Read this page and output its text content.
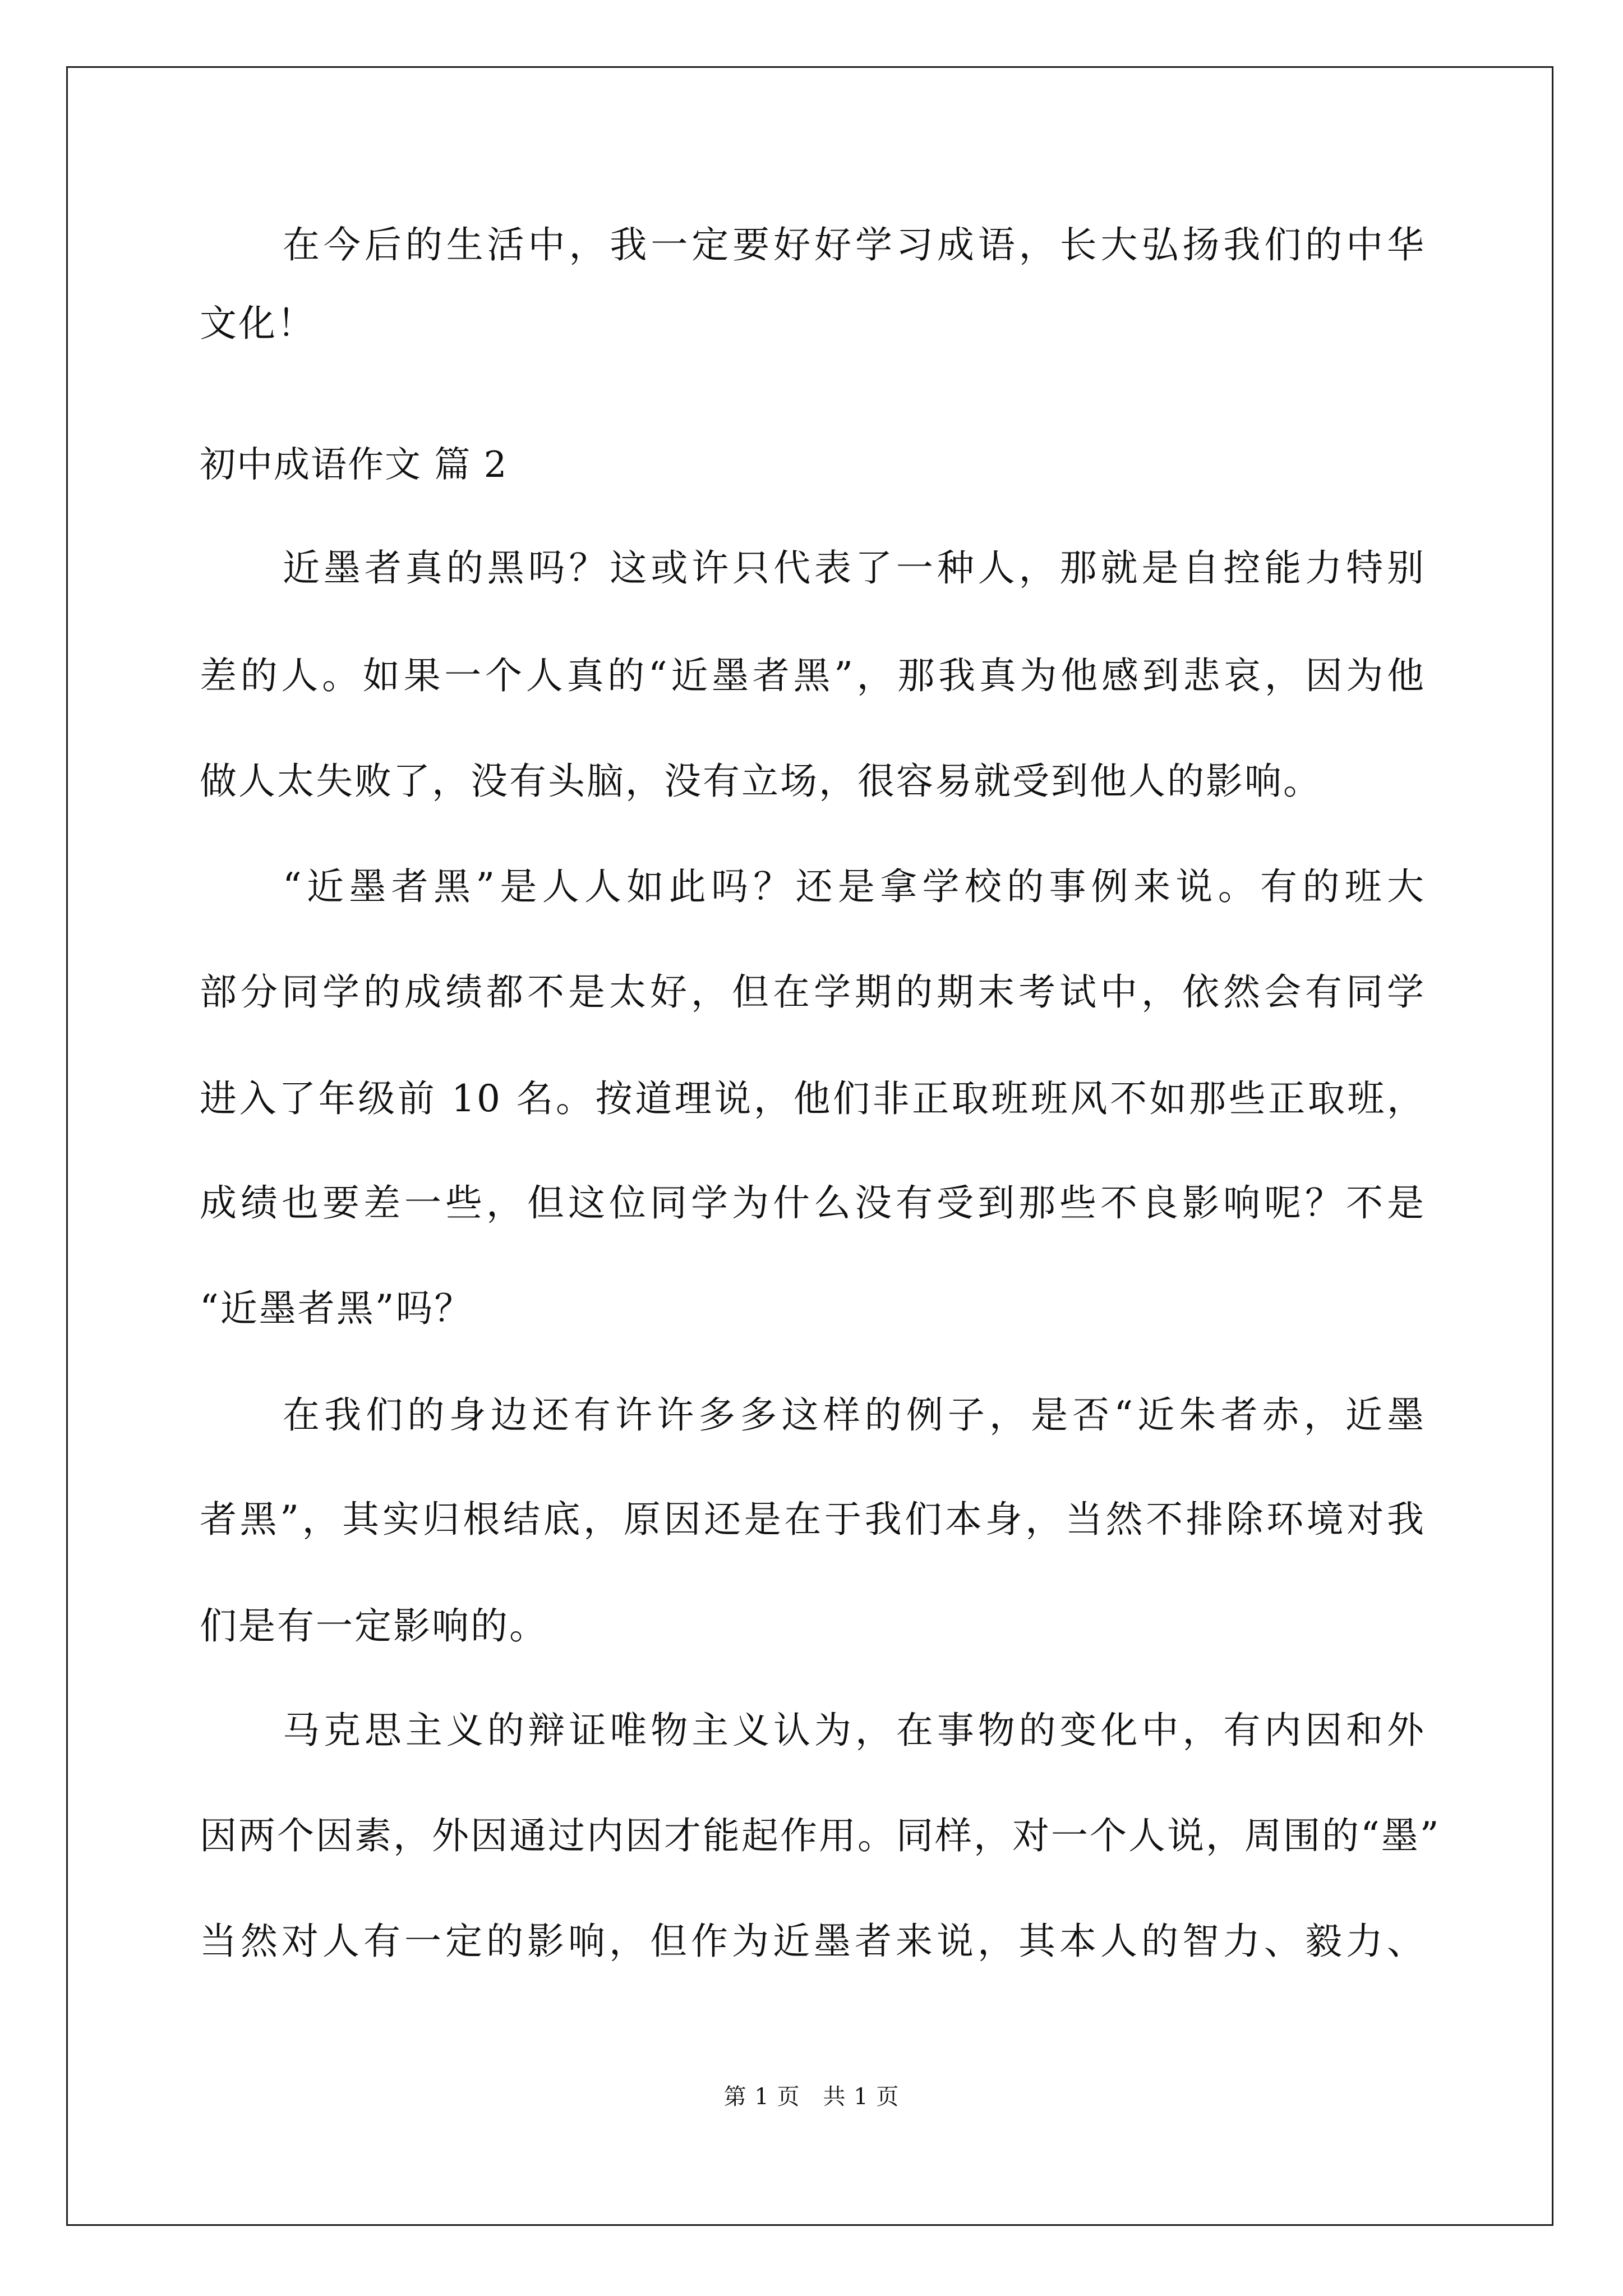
在今后的生活中，我一定要好好学习成语，长大弘扬我们的中华
文化！
初中成语作文 篇 2
近墨者真的黑吗？这或许只代表了一种人，那就是自控能力特别
差的人。如果一个人真的“近墨者黑”，那我真为他感到悲哀，因为他
做人太失败了，没有头脑，没有立场，很容易就受到他人的影响。
“近墨者黑”是人人如此吗？还是拿学校的事例来说。有的班大
部分同学的成绩都不是太好，但在学期的期末考试中，依然会有同学
进入了年级前 10 名。按道理说，他们非正取班班风不如那些正取班，
成绩也要差一些，但这位同学为什么没有受到那些不良影响呢？不是
“近墨者黑”吗？
在我们的身边还有许许多多这样的例子，是否“近朱者赤，近墨
者黑”，其实归根结底，原因还是在于我们本身，当然不排除环境对我
们是有一定影响的。
马克思主义的辩证唯物主义认为，在事物的变化中，有内因和外
因两个因素，外因通过内因才能起作用。同样，对一个人说，周围的“墨”
当然对人有一定的影响，但作为近墨者来说，其本人的智力、毅力、
第 1 页　共 1 页
